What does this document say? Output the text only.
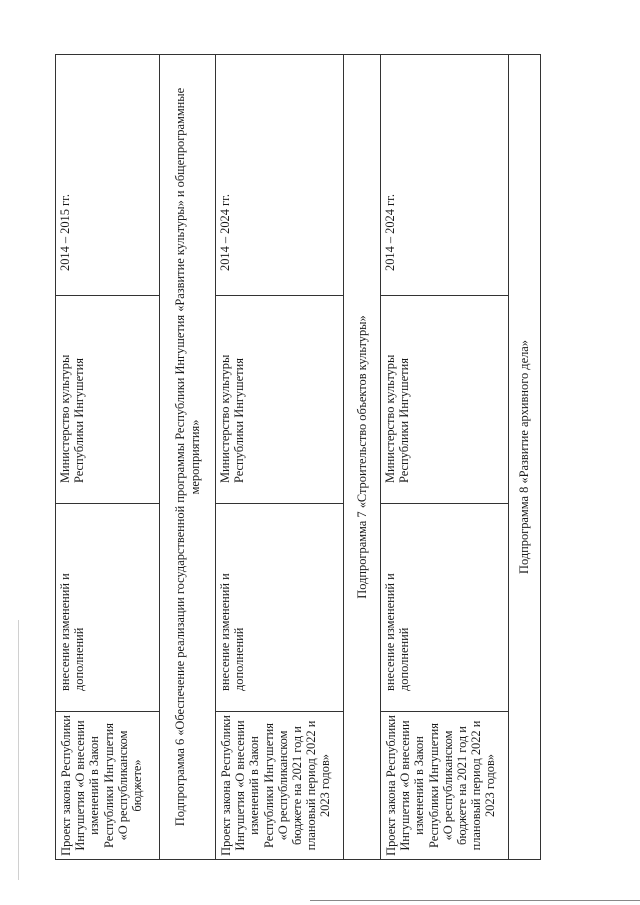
Проект закона Республики Ингушетия «О внесении изменений в Закон Республики Ингушетия «О республиканском бюджете»	внесение изменений и дополнений	Министерство культуры Республики Ингушетия	2014 – 2015 гг.
Подпрограмма 6 «Обеспечение реализации государственной программы Республики Ингушетия «Развитие культуры» и общепрограммные мероприятия»			
Проект закона Республики Ингушетия «О внесении изменений в Закон Республики Ингушетия «О республиканском бюджете на 2021 год и плановый период 2022 и 2023 годов»	внесение изменений и дополнений	Министерство культуры Республики Ингушетия	2014 – 2024 гг.
Подпрограмма 7 «Строительство объектов культуры»			
Проект закона Республики Ингушетия «О внесении изменений в Закон Республики Ингушетия «О республиканском бюджете на 2021 год и плановый период 2022 и 2023 годов»	внесение изменений и дополнений	Министерство культуры Республики Ингушетия	2014 – 2024 гг.
Подпрограмма 8 «Развитие архивного дела»			
